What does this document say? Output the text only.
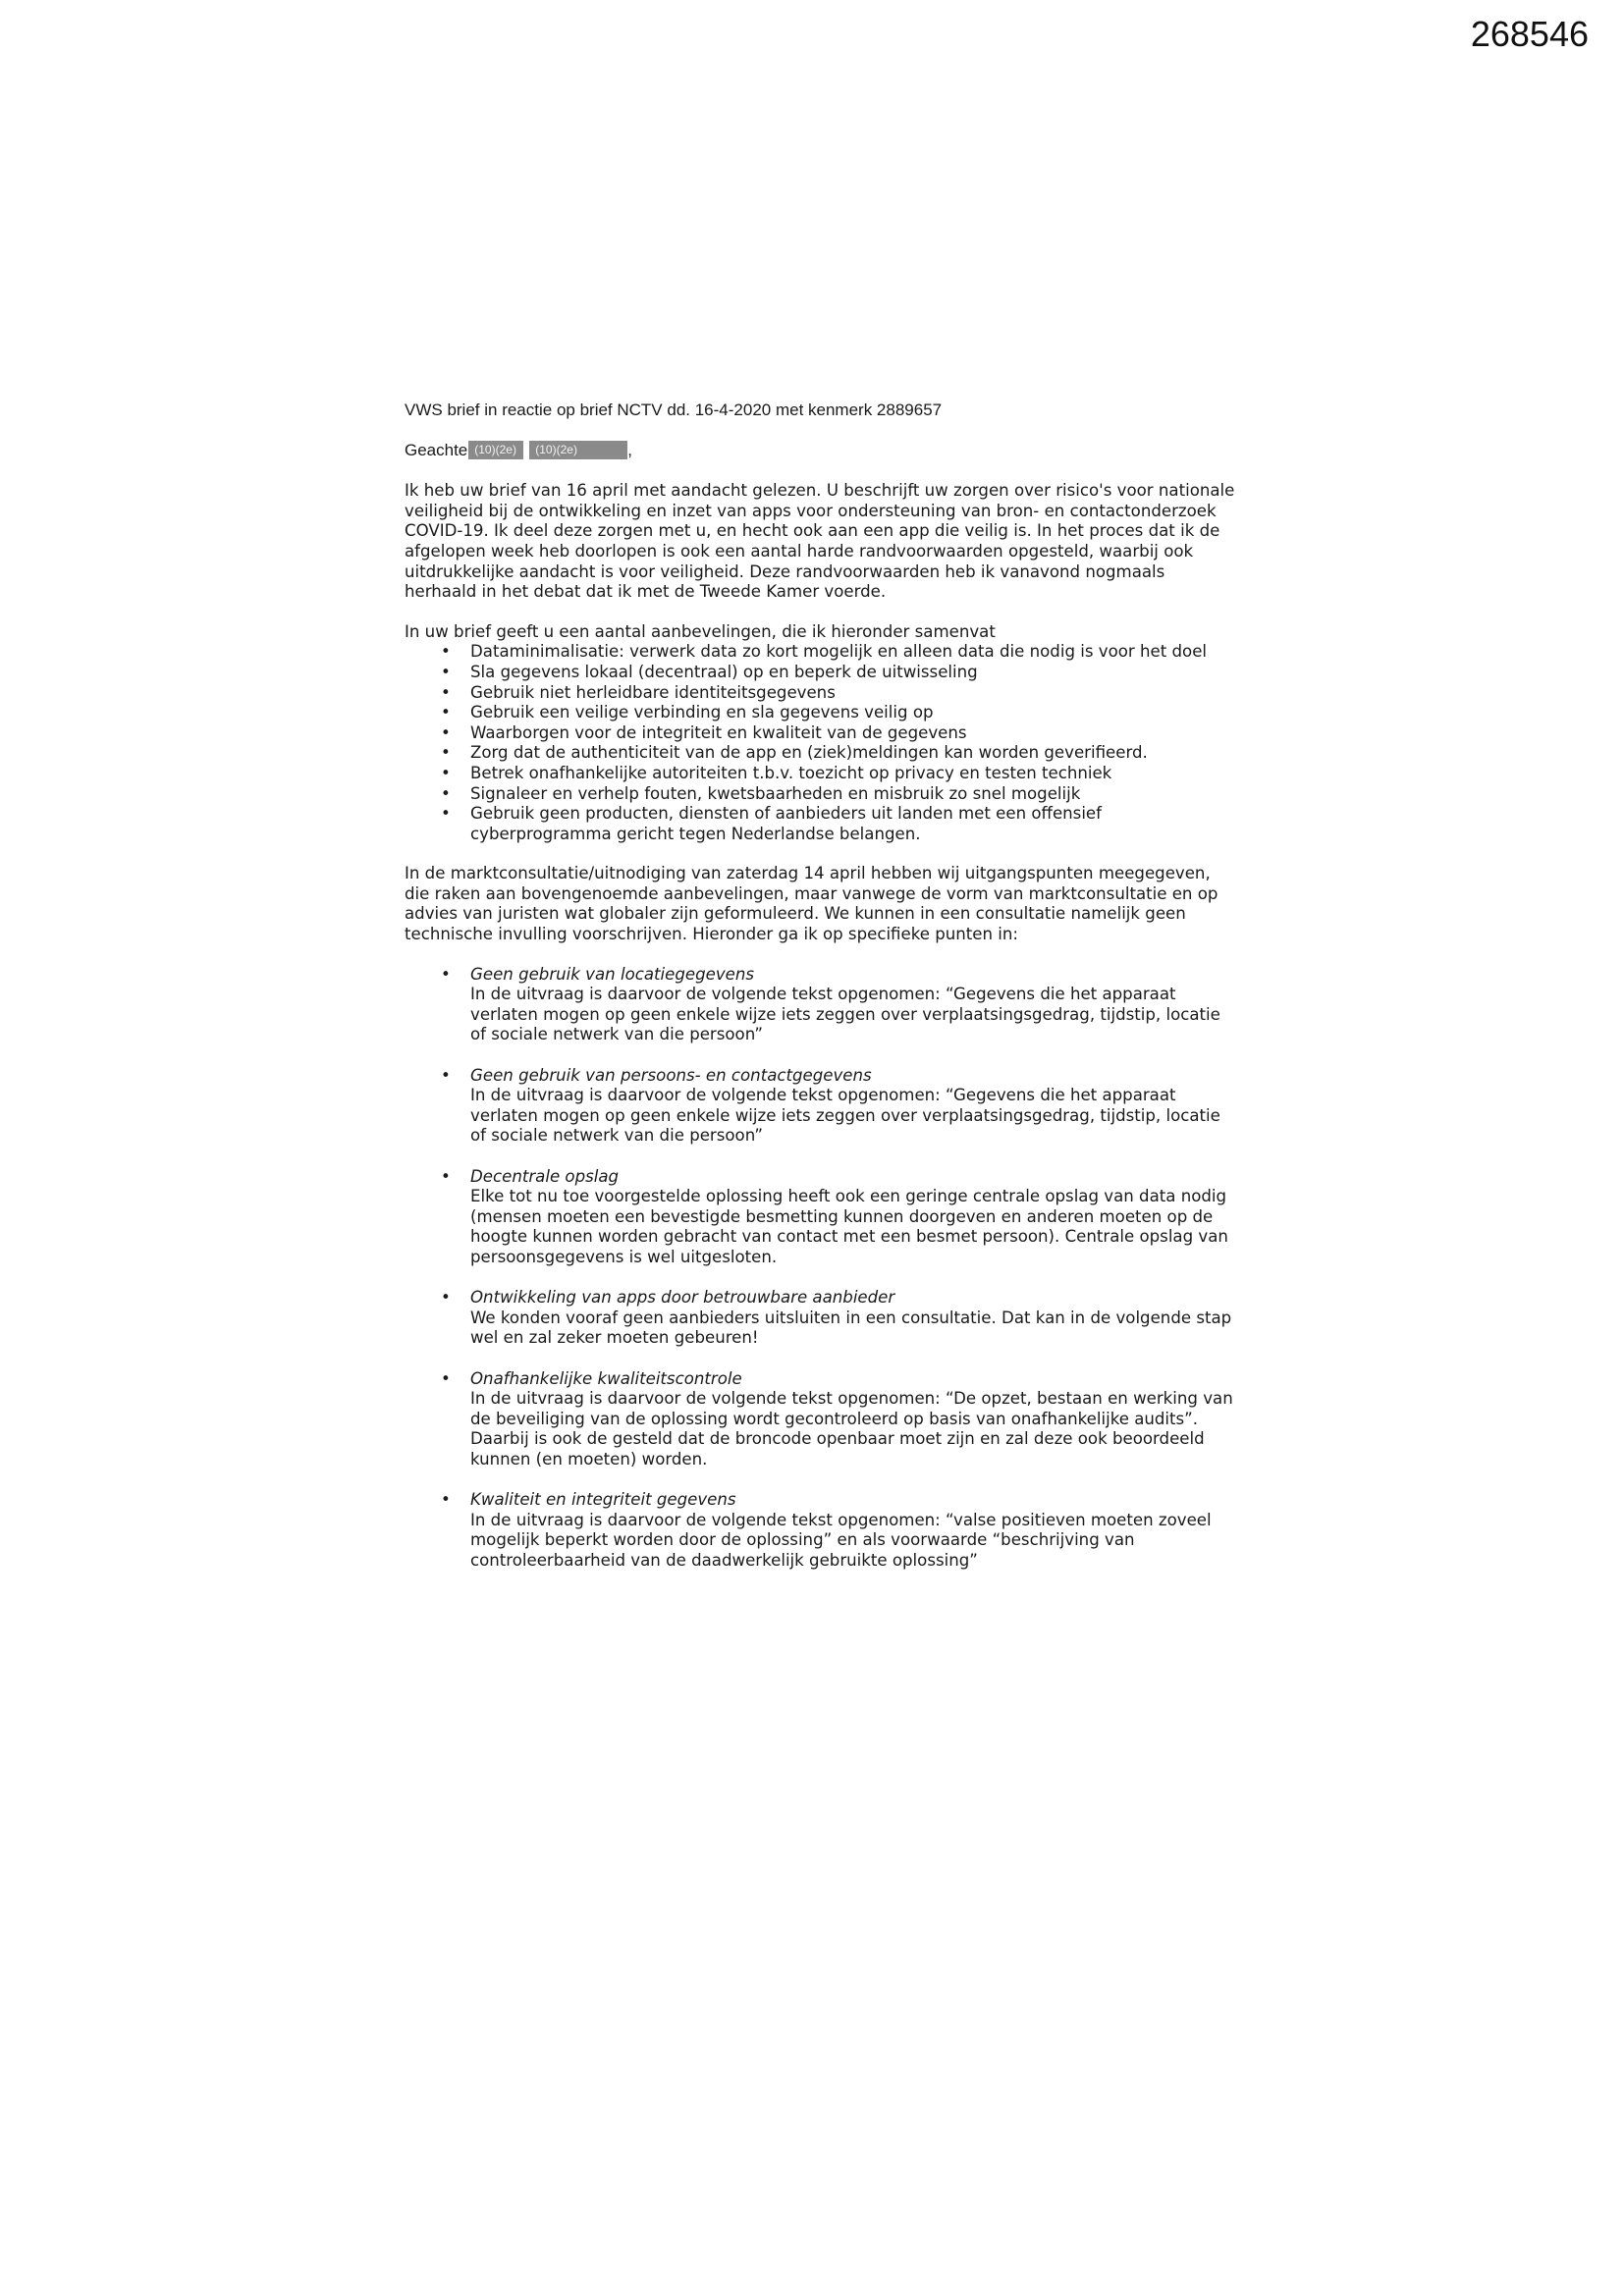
268546
VWS brief in reactie op brief NCTV dd. 16-4-2020 met kenmerk 2889657
Geachte (10)(2e)	(10)(2e)	,

Ik heb uw brief van 16 april met aandacht gelezen. U beschrijft uw zorgen over risico's voor nationale veiligheid bij de ontwikkeling en inzet van apps voor ondersteuning van bron- en contactonderzoek COVID-19. Ik deel deze zorgen met u, en hecht ook aan een app die veilig is. In het proces dat ik de afgelopen week heb doorlopen is ook een aantal harde randvoorwaarden opgesteld, waarbij ook uitdrukkelijke aandacht is voor veiligheid. Deze randvoorwaarden heb ik vanavond nogmaals herhaald in het debat dat ik met de Tweede Kamer voerde.

In uw brief geeft u een aantal aanbevelingen, die ik hieronder samenvat
• Dataminimalisatie: verwerk data zo kort mogelijk en alleen data die nodig is voor het doel
• Sla gegevens lokaal (decentraal) op en beperk de uitwisseling
• Gebruik niet herleidbare identiteitsgegevens
• Gebruik een veilige verbinding en sla gegevens veilig op
• Waarborgen voor de integriteit en kwaliteit van de gegevens
• Zorg dat de authenticiteit van de app en (ziek)meldingen kan worden geverifieerd.
• Betrek onafhankelijke autoriteiten t.b.v. toezicht op privacy en testen techniek
• Signaleer en verhelp fouten, kwetsbaarheden en misbruik zo snel mogelijk
• Gebruik geen producten, diensten of aanbieders uit landen met een offensief cyberprogramma gericht tegen Nederlandse belangen.

In de marktconsultatie/uitnodiging van zaterdag 14 april hebben wij uitgangspunten meegegeven, die raken aan bovengenoemde aanbevelingen, maar vanwege de vorm van marktconsultatie en op advies van juristen wat globaler zijn geformuleerd. We kunnen in een consultatie namelijk geen technische invulling voorschrijven. Hieronder ga ik op specifieke punten in:

• Geen gebruik van locatiegegevens
In de uitvraag is daarvoor de volgende tekst opgenomen: “Gegevens die het apparaat verlaten mogen op geen enkele wijze iets zeggen over verplaatsingsgedrag, tijdstip, locatie of sociale netwerk van die persoon”
• Geen gebruik van persoons- en contactgegevens
In de uitvraag is daarvoor de volgende tekst opgenomen: “Gegevens die het apparaat verlaten mogen op geen enkele wijze iets zeggen over verplaatsingsgedrag, tijdstip, locatie of sociale netwerk van die persoon”
• Decentrale opslag
Elke tot nu toe voorgestelde oplossing heeft ook een geringe centrale opslag van data nodig (mensen moeten een bevestigde besmetting kunnen doorgeven en anderen moeten op de hoogte kunnen worden gebracht van contact met een besmet persoon). Centrale opslag van persoonsgegevens is wel uitgesloten.
• Ontwikkeling van apps door betrouwbare aanbieder
We konden vooraf geen aanbieders uitsluiten in een consultatie. Dat kan in de volgende stap wel en zal zeker moeten gebeuren!
• Onafhankelijke kwaliteitscontrole
In de uitvraag is daarvoor de volgende tekst opgenomen: “De opzet, bestaan en werking van de beveiliging van de oplossing wordt gecontroleerd op basis van onafhankelijke audits”. Daarbij is ook de gesteld dat de broncode openbaar moet zijn en zal deze ook beoordeeld kunnen (en moeten) worden.
• Kwaliteit en integriteit gegevens
In de uitvraag is daarvoor de volgende tekst opgenomen: “valse positieven moeten zoveel mogelijk beperkt worden door de oplossing” en als voorwaarde “beschrijving van controleerbaarheid van de daadwerkelijk gebruikte oplossing”
